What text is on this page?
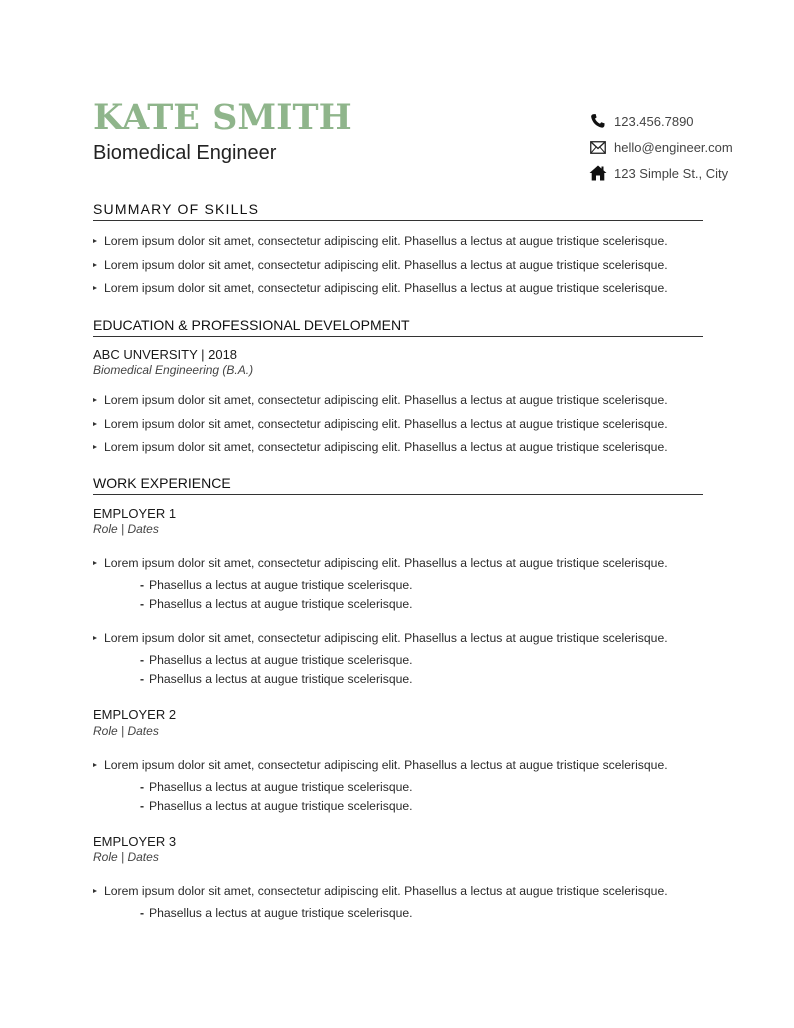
KATE SMITH
Biomedical Engineer
123.456.7890
hello@engineer.com
123 Simple St., City
SUMMARY OF SKILLS
Lorem ipsum dolor sit amet, consectetur adipiscing elit. Phasellus a lectus at augue tristique scelerisque.
Lorem ipsum dolor sit amet, consectetur adipiscing elit. Phasellus a lectus at augue tristique scelerisque.
Lorem ipsum dolor sit amet, consectetur adipiscing elit. Phasellus a lectus at augue tristique scelerisque.
EDUCATION & PROFESSIONAL DEVELOPMENT
ABC UNVERSITY | 2018
Biomedical Engineering (B.A.)
Lorem ipsum dolor sit amet, consectetur adipiscing elit. Phasellus a lectus at augue tristique scelerisque.
Lorem ipsum dolor sit amet, consectetur adipiscing elit. Phasellus a lectus at augue tristique scelerisque.
Lorem ipsum dolor sit amet, consectetur adipiscing elit. Phasellus a lectus at augue tristique scelerisque.
WORK EXPERIENCE
EMPLOYER 1
Role | Dates
Lorem ipsum dolor sit amet, consectetur adipiscing elit. Phasellus a lectus at augue tristique scelerisque.
- Phasellus a lectus at augue tristique scelerisque.
- Phasellus a lectus at augue tristique scelerisque.
Lorem ipsum dolor sit amet, consectetur adipiscing elit. Phasellus a lectus at augue tristique scelerisque.
- Phasellus a lectus at augue tristique scelerisque.
- Phasellus a lectus at augue tristique scelerisque.
EMPLOYER 2
Role | Dates
Lorem ipsum dolor sit amet, consectetur adipiscing elit. Phasellus a lectus at augue tristique scelerisque.
- Phasellus a lectus at augue tristique scelerisque.
- Phasellus a lectus at augue tristique scelerisque.
EMPLOYER 3
Role | Dates
Lorem ipsum dolor sit amet, consectetur adipiscing elit. Phasellus a lectus at augue tristique scelerisque.
- Phasellus a lectus at augue tristique scelerisque.
